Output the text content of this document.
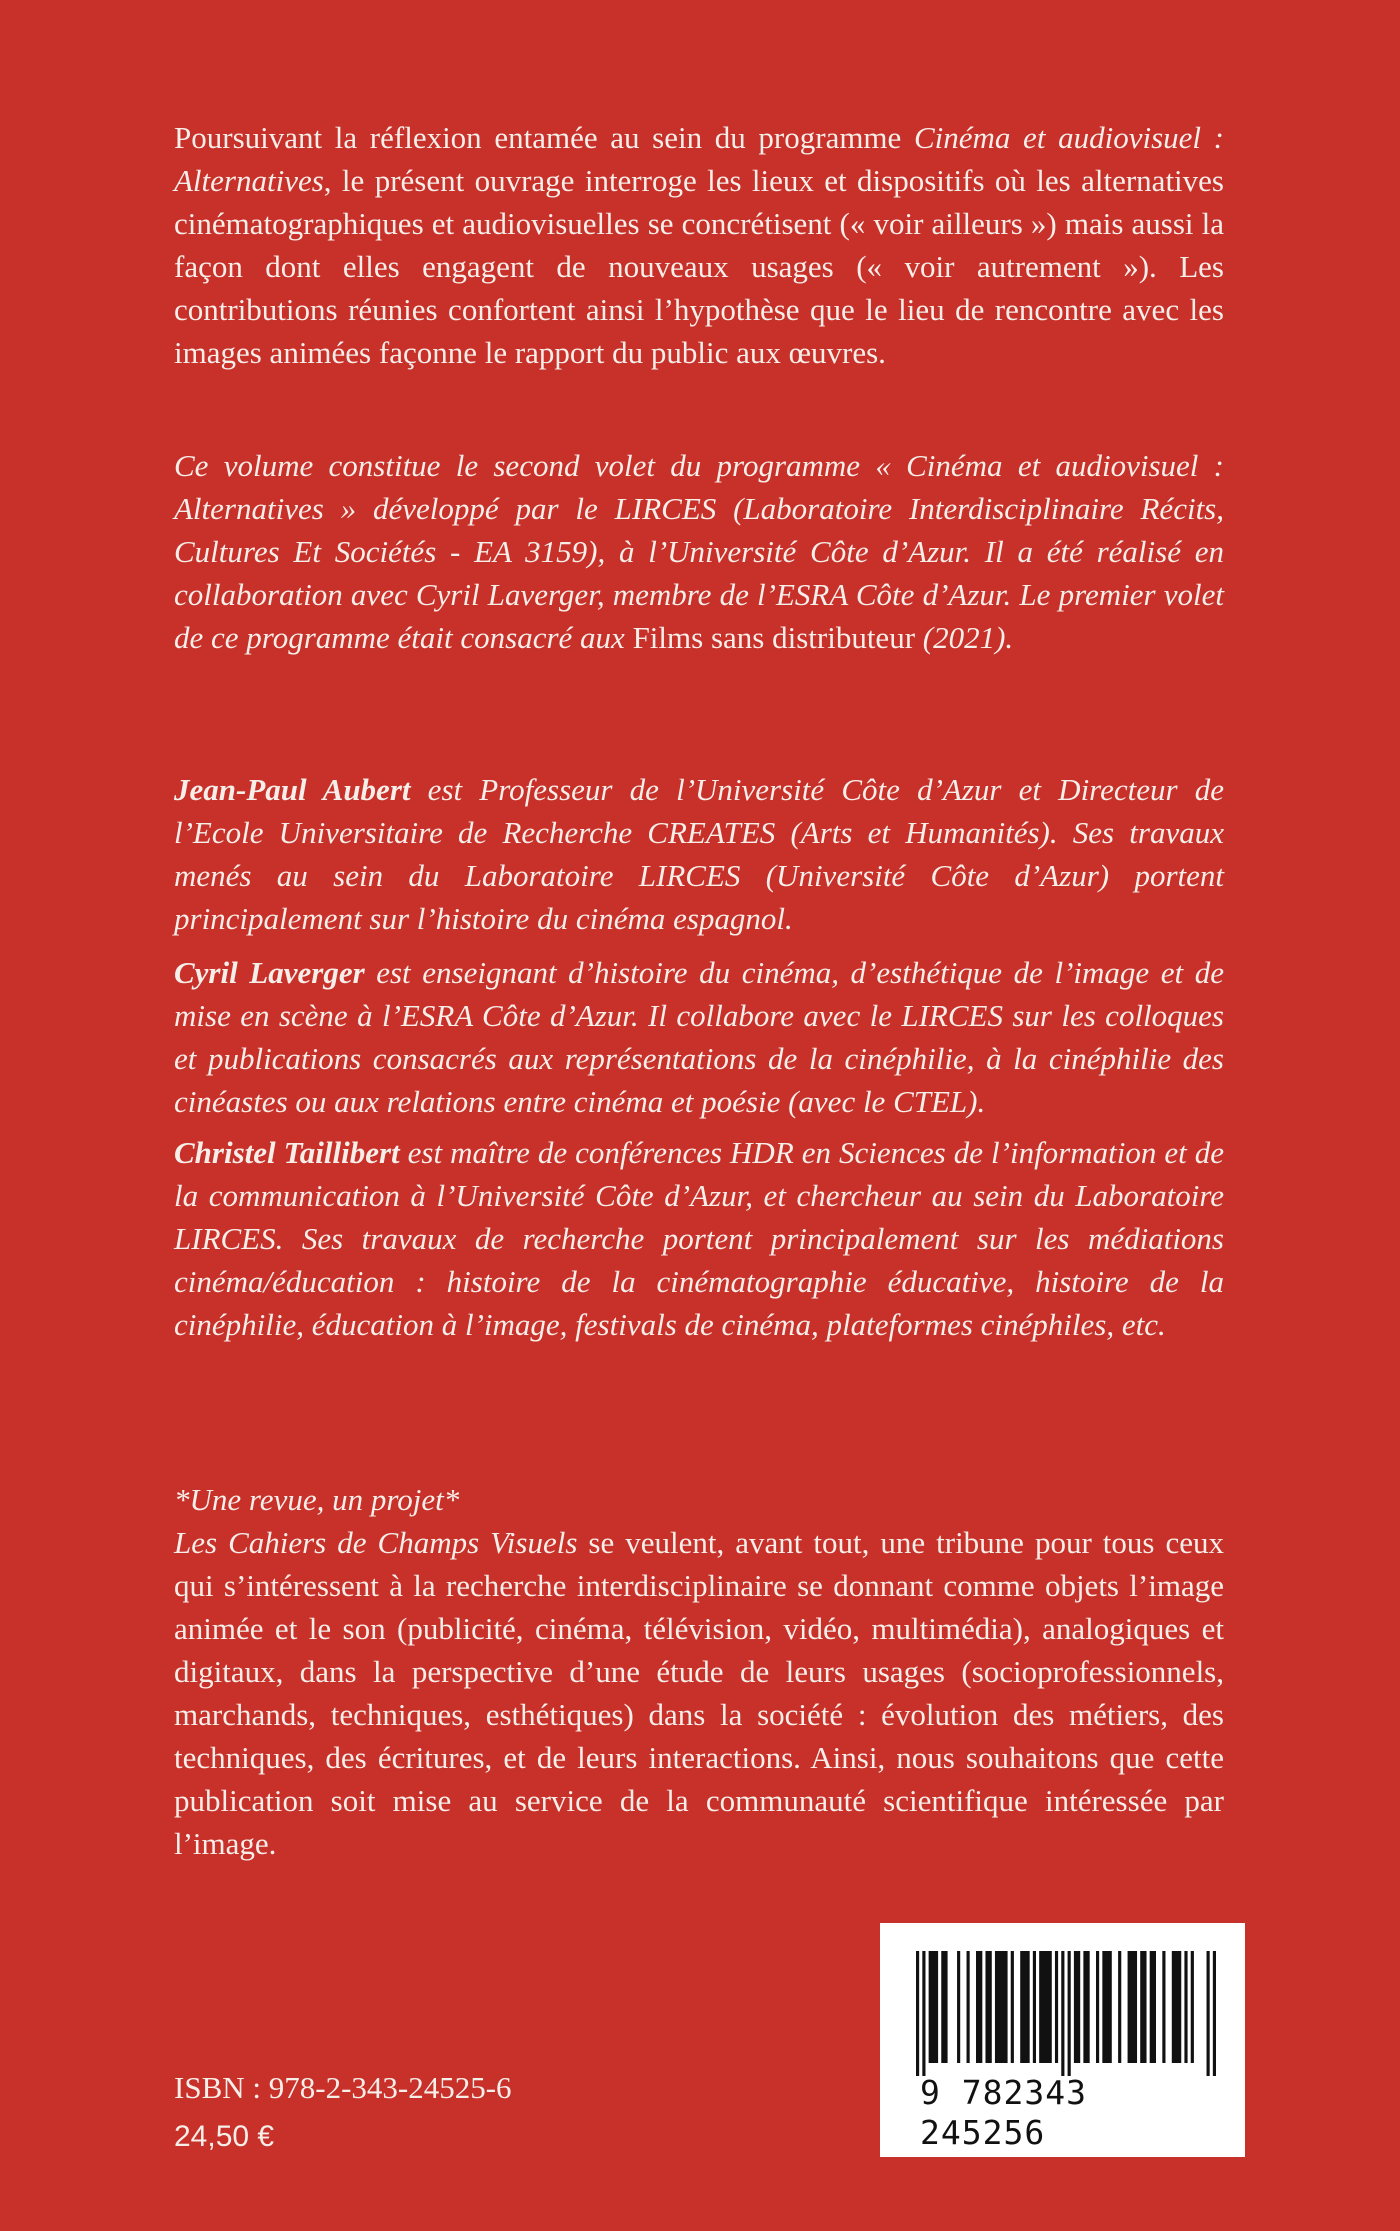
Poursuivant la réflexion entamée au sein du programme Cinéma et audiovisuel : Alternatives, le présent ouvrage interroge les lieux et dispositifs où les alternatives cinématographiques et audiovisuelles se concrétisent (« voir ailleurs ») mais aussi la façon dont elles engagent de nouveaux usages (« voir autrement »). Les contributions réunies confortent ainsi l’hypothèse que le lieu de rencontre avec les images animées façonne le rapport du public aux œuvres.

Ce volume constitue le second volet du programme « Cinéma et audiovisuel : Alternatives » développé par le LIRCES (Laboratoire Interdisciplinaire Récits, Cultures Et Sociétés - EA 3159), à l’Université Côte d’Azur. Il a été réalisé en collaboration avec Cyril Laverger, membre de l’ESRA Côte d’Azur. Le premier volet de ce programme était consacré aux Films sans distributeur (2021).

Jean-Paul Aubert est Professeur de l’Université Côte d’Azur et Directeur de l’Ecole Universitaire de Recherche CREATES (Arts et Humanités). Ses travaux menés au sein du Laboratoire LIRCES (Université Côte d’Azur) portent principalement sur l’histoire du cinéma espagnol.

Cyril Laverger est enseignant d’histoire du cinéma, d’esthétique de l’image et de mise en scène à l’ESRA Côte d’Azur. Il collabore avec le LIRCES sur les colloques et publications consacrés aux représentations de la cinéphilie, à la cinéphilie des cinéastes ou aux relations entre cinéma et poésie (avec le CTEL).

Christel Taillibert est maître de conférences HDR en Sciences de l’information et de la communication à l’Université Côte d’Azur, et chercheur au sein du Laboratoire LIRCES. Ses travaux de recherche portent principalement sur les médiations cinéma/éducation : histoire de la cinématographie éducative, histoire de la cinéphilie, éducation à l’image, festivals de cinéma, plateformes cinéphiles, etc.

*Une revue, un projet*

Les Cahiers de Champs Visuels se veulent, avant tout, une tribune pour tous ceux qui s’intéressent à la recherche interdisciplinaire se donnant comme objets l’image animée et le son (publicité, cinéma, télévision, vidéo, multimédia), analogiques et digitaux, dans la perspective d’une étude de leurs usages (socioprofessionnels, marchands, techniques, esthétiques) dans la société : évolution des métiers, des techniques, des écritures, et de leurs interactions. Ainsi, nous souhaitons que cette publication soit mise au service de la communauté scientifique intéressée par l’image.

ISBN : 978-2-343-24525-6
24,50 €
9 782343 245256
